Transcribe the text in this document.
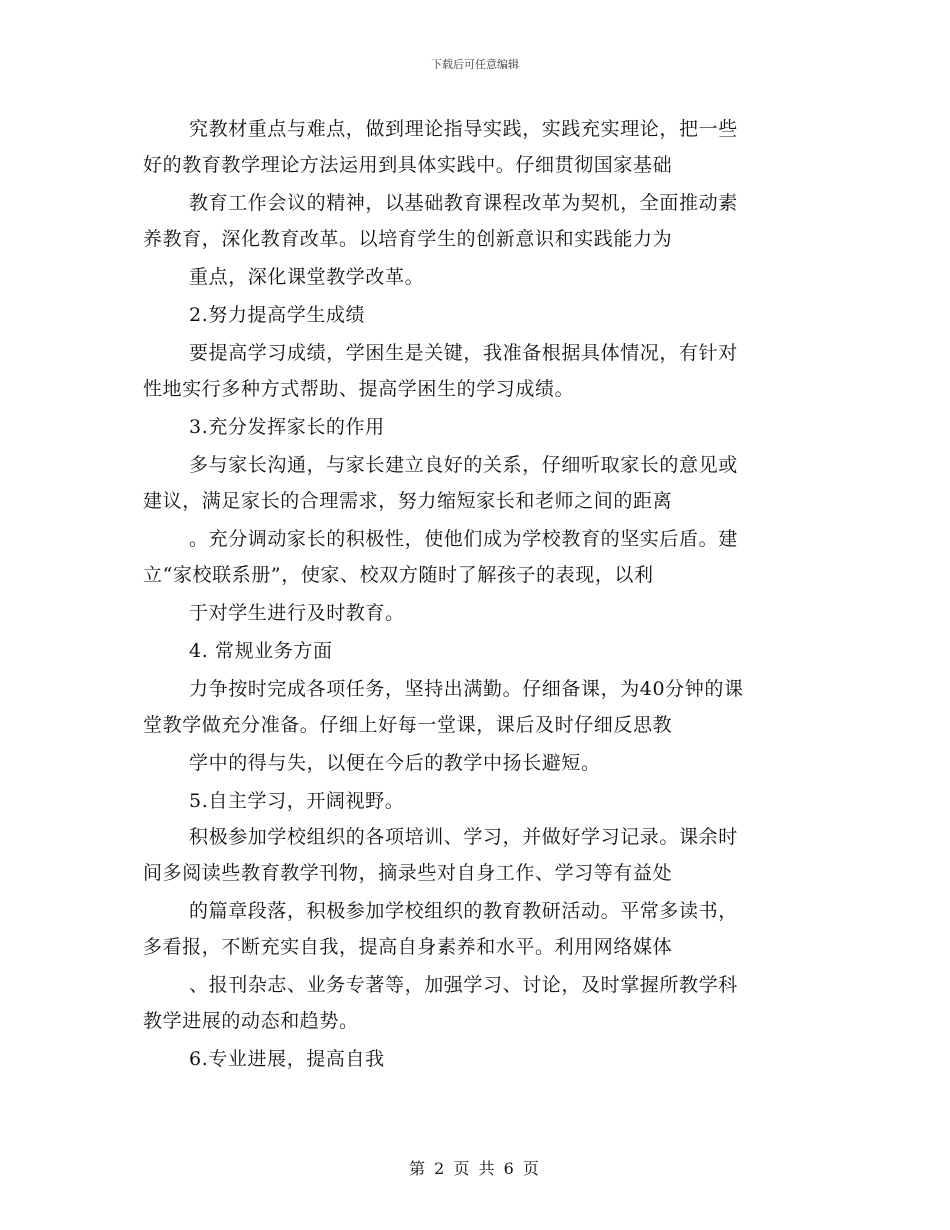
下载后可任意编辑
究教材重点与难点，做到理论指导实践，实践充实理论，把一些
好的教育教学理论方法运用到具体实践中。仔细贯彻国家基础
教育工作会议的精神，以基础教育课程改革为契机，全面推动素
养教育，深化教育改革。以培育学生的创新意识和实践能力为
重点，深化课堂教学改革。
2.努力提高学生成绩
要提高学习成绩，学困生是关键，我准备根据具体情况，有针对
性地实行多种方式帮助、提高学困生的学习成绩。
3.充分发挥家长的作用
多与家长沟通，与家长建立良好的关系，仔细听取家长的意见或
建议，满足家长的合理需求，努力缩短家长和老师之间的距离
。充分调动家长的积极性，使他们成为学校教育的坚实后盾。建
立“家校联系册”，使家、校双方随时了解孩子的表现，以利
于对学生进行及时教育。
4. 常规业务方面
力争按时完成各项任务，坚持出满勤。仔细备课，为40分钟的课
堂教学做充分准备。仔细上好每一堂课，课后及时仔细反思教
学中的得与失，以便在今后的教学中扬长避短。
5.自主学习，开阔视野。
积极参加学校组织的各项培训、学习，并做好学习记录。课余时
间多阅读些教育教学刊物，摘录些对自身工作、学习等有益处
的篇章段落，积极参加学校组织的教育教研活动。平常多读书，
多看报，不断充实自我，提高自身素养和水平。利用网络媒体
、报刊杂志、业务专著等，加强学习、讨论，及时掌握所教学科
教学进展的动态和趋势。
6.专业进展，提高自我
第 2 页 共 6 页
